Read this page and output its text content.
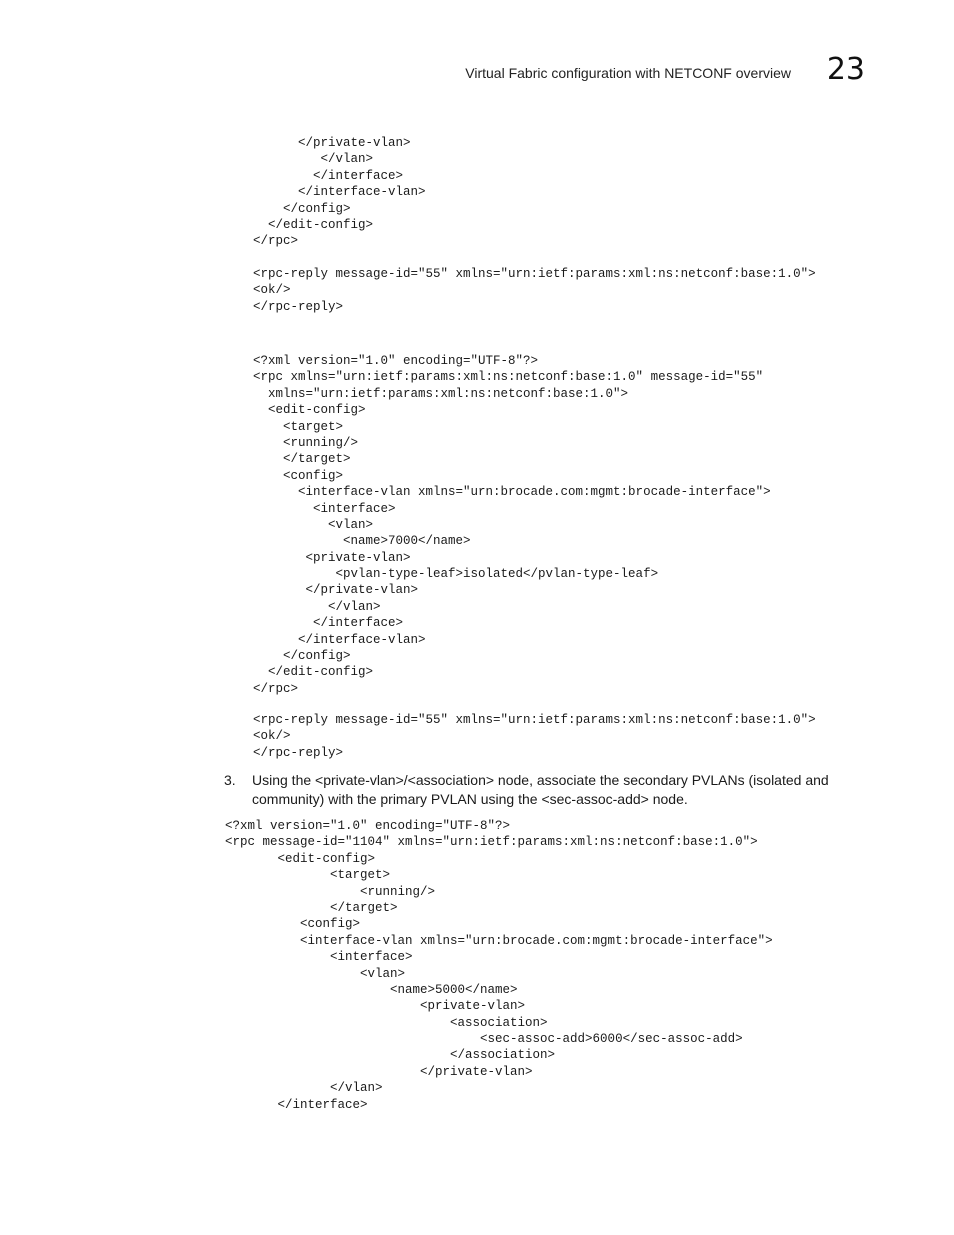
Virtual Fabric configuration with NETCONF overview 23
</private-vlan>
</vlan>
</interface>
</interface-vlan>
</config>
</edit-config>
</rpc>
<rpc-reply message-id="55" xmlns="urn:ietf:params:xml:ns:netconf:base:1.0">
<ok/>
</rpc-reply>
<?xml version="1.0" encoding="UTF-8"?>
<rpc xmlns="urn:ietf:params:xml:ns:netconf:base:1.0" message-id="55"
xmlns="urn:ietf:params:xml:ns:netconf:base:1.0">
<edit-config>
<target>
<running/>
</target>
<config>
<interface-vlan xmlns="urn:brocade.com:mgmt:brocade-interface">
<interface>
<vlan>
<name>7000</name>
<private-vlan>
<pvlan-type-leaf>isolated</pvlan-type-leaf>
</private-vlan>
</vlan>
</interface>
</interface-vlan>
</config>
</edit-config>
</rpc>
<rpc-reply message-id="55" xmlns="urn:ietf:params:xml:ns:netconf:base:1.0">
<ok/>
</rpc-reply>
3. Using the <private-vlan>/<association> node, associate the secondary PVLANs (isolated and community) with the primary PVLAN using the <sec-assoc-add> node.
<?xml version="1.0" encoding="UTF-8"?>
<rpc message-id="1104" xmlns="urn:ietf:params:xml:ns:netconf:base:1.0">
<edit-config>
<target>
<running/>
</target>
<config>
<interface-vlan xmlns="urn:brocade.com:mgmt:brocade-interface">
<interface>
<vlan>
<name>5000</name>
<private-vlan>
<association>
<sec-assoc-add>6000</sec-assoc-add>
</association>
</private-vlan>
</vlan>
</interface>
